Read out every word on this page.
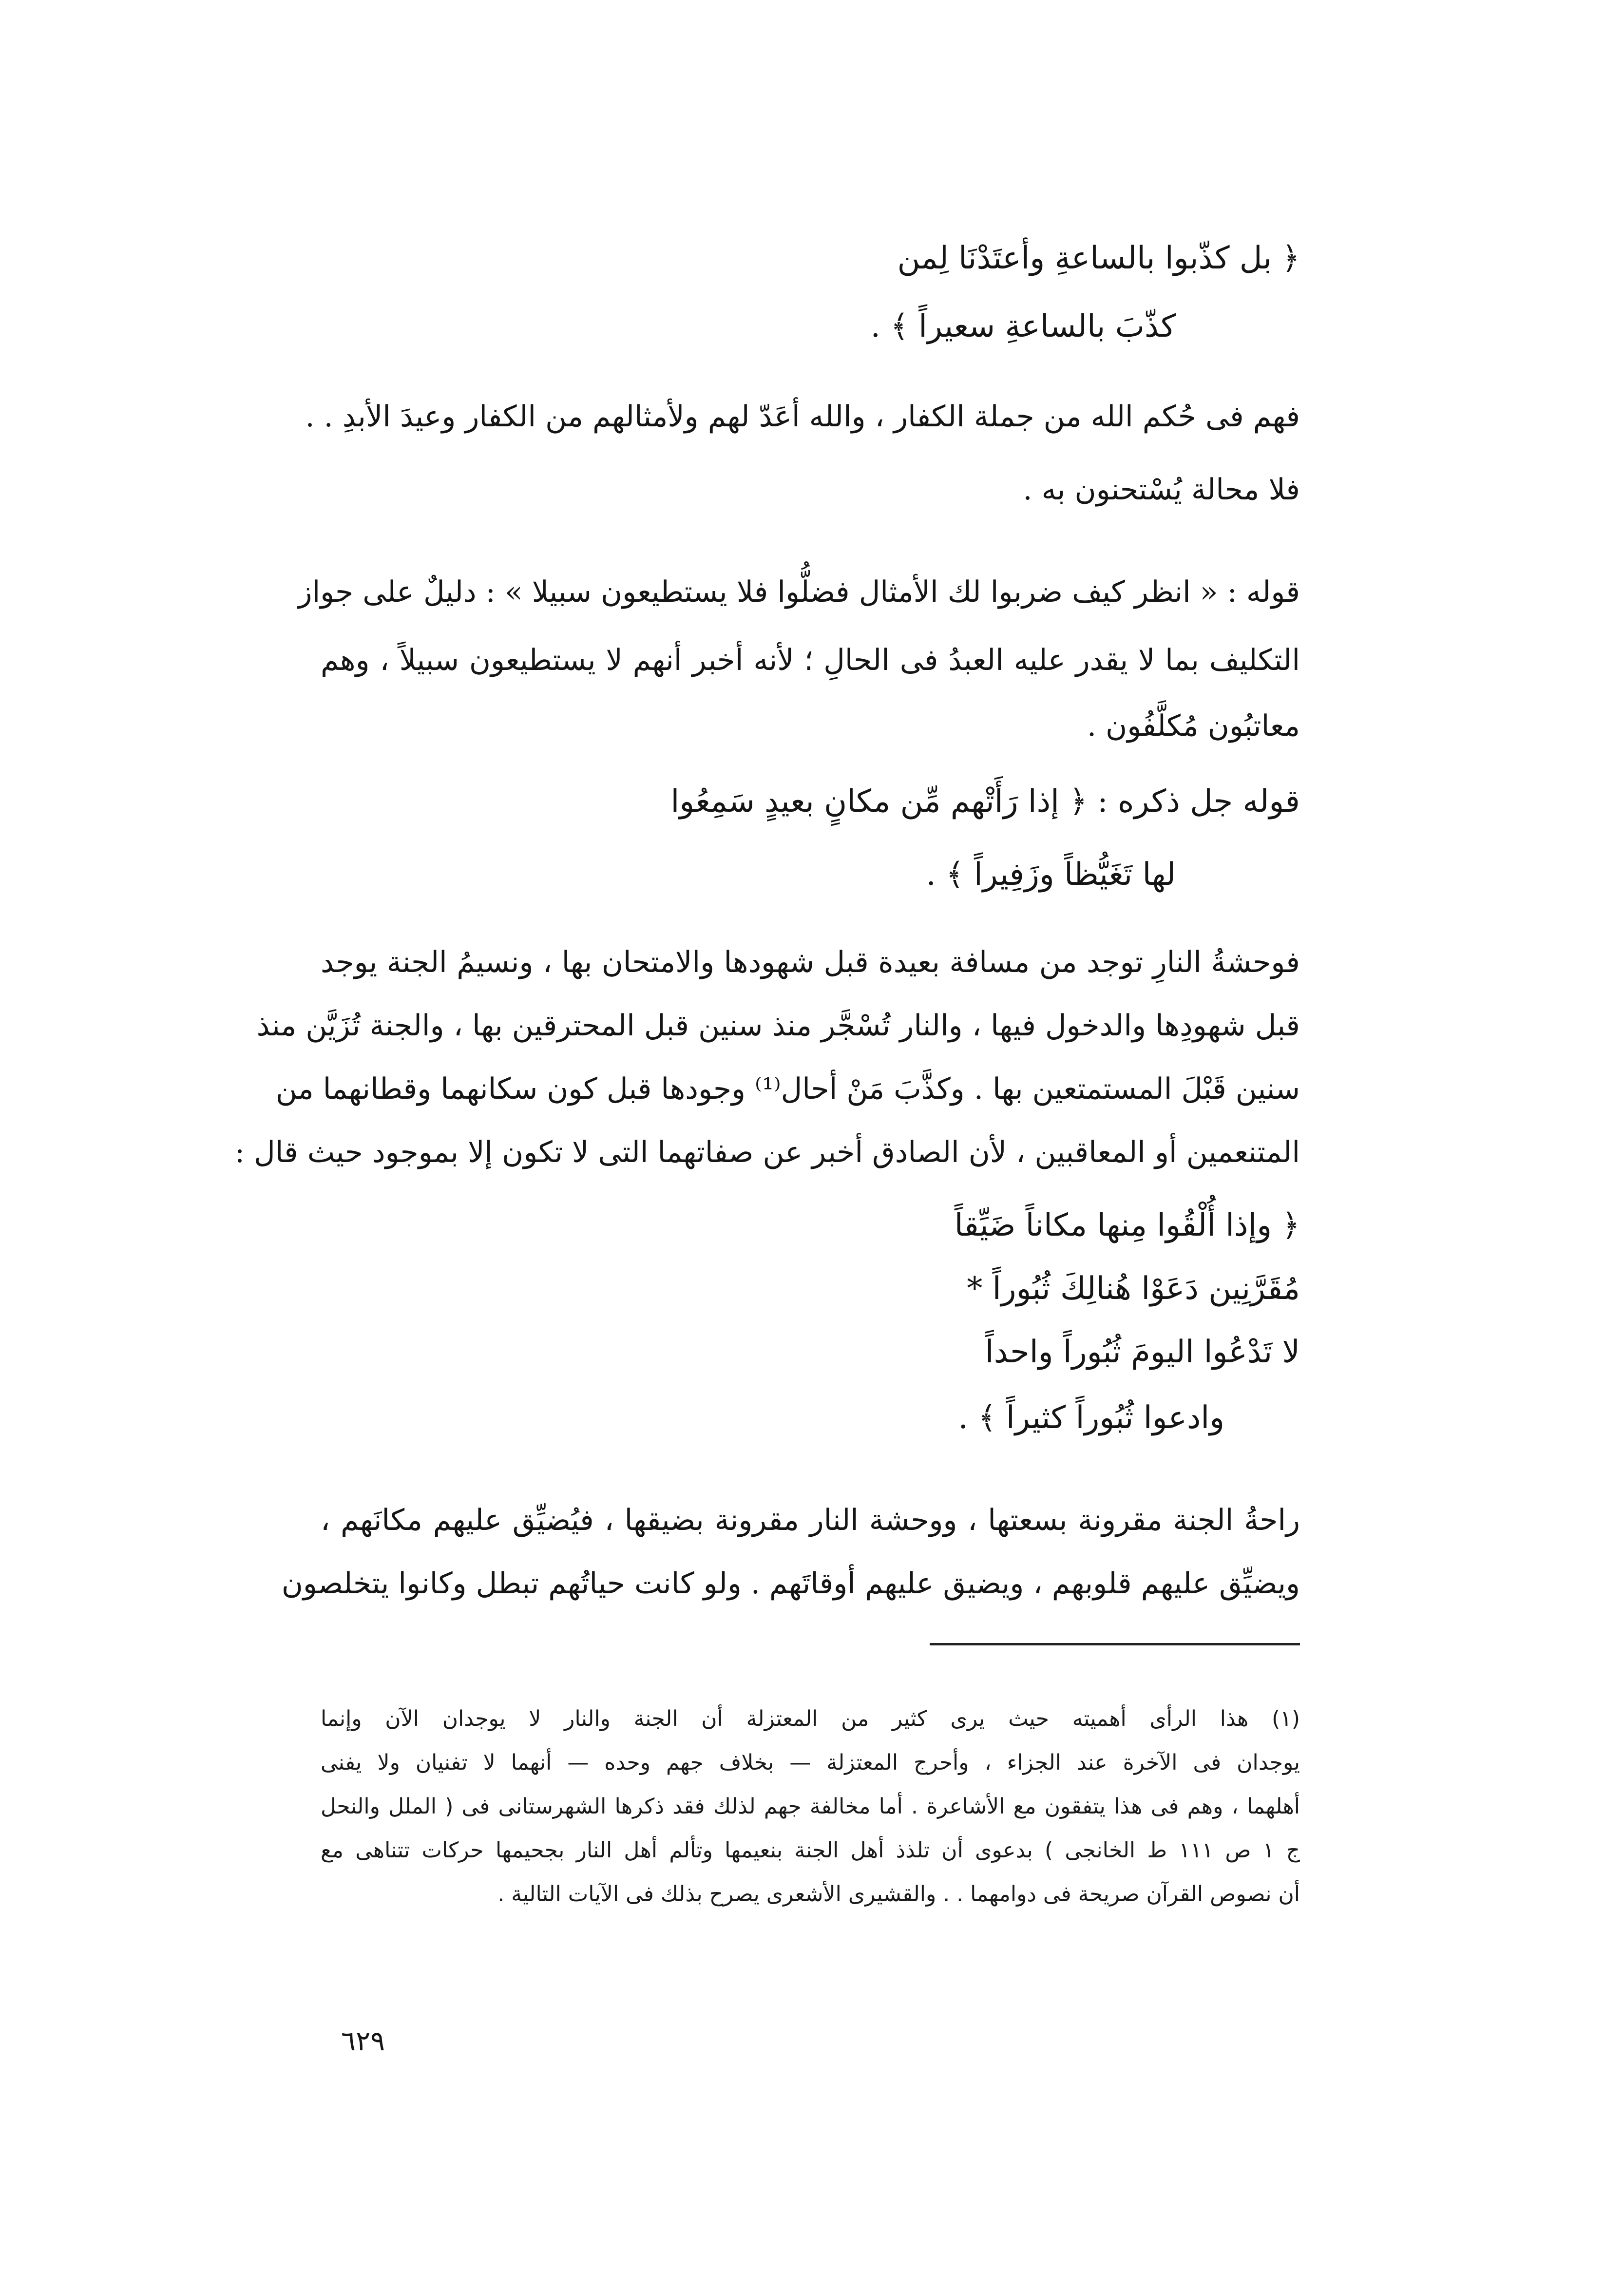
﴿ بل كذّبوا بالساعةِ وأعتَدْنَا لِمن
كذّبَ بالساعةِ سعيراً ﴾ .
فهم فى حُكم الله من جملة الكفار ، والله أعَدّ لهم ولأمثالهم من الكفار وعيدَ الأبدِ . .
فلا محالة يُسْتحنون به .
قوله : « انظر كيف ضربوا لك الأمثال فضلُّوا فلا يستطيعون سبيلا » : دليلٌ على جواز
التكليف بما لا يقدر عليه العبدُ فى الحالِ ؛ لأنه أخبر أنهم لا يستطيعون سبيلاً ، وهم
معاتبُون مُكلَّفُون .
قوله جل ذكره : ﴿ إذا رَأَتْهم مِّن مكانٍ بعيدٍ سَمِعُوا
لها تَغَيُّظاً وزَفِيراً ﴾ .
فوحشةُ النارِ توجد من مسافة بعيدة قبل شهودها والامتحان بها ، ونسيمُ الجنة يوجد
قبل شهودِها والدخول فيها ، والنار تُسْجَّر منذ سنين قبل المحترقين بها ، والجنة تُزَيَّن منذ
سنين قَبْلَ المستمتعين بها . وكذَّبَ مَنْ أحال⁽¹⁾ وجودها قبل كون سكانهما وقطانهما من
المتنعمين أو المعاقبين ، لأن الصادق أخبر عن صفاتهما التى لا تكون إلا بموجود حيث قال :
﴿ وإذا أُلْقُوا مِنها مكاناً ضَيِّقاً
مُقَرَّنِين دَعَوْا هُنالِكَ ثُبُوراً *
لا تَدْعُوا اليومَ ثُبُوراً واحداً
وادعوا ثُبُوراً كثيراً ﴾ .
راحةُ الجنة مقرونة بسعتها ، ووحشة النار مقرونة بضيقها ، فيُضيِّق عليهم مكانَهم ،
ويضيِّق عليهم قلوبهم ، ويضيق عليهم أوقاتَهم . ولو كانت حياتُهم تبطل وكانوا يتخلصون
(١) هذا الرأى أهميته حيث يرى كثير من المعتزلة أن الجنة والنار لا يوجدان الآن وإنما
يوجدان فى الآخرة عند الجزاء ، وأحرج المعتزلة — بخلاف جهم وحده — أنهما لا تفنيان ولا يفنى
أهلهما ، وهم فى هذا يتفقون مع الأشاعرة . أما مخالفة جهم لذلك فقد ذكرها الشهرستانى فى ( الملل والنحل
ج ١ ص ١١١ ط الخانجى ) بدعوى أن تلذذ أهل الجنة بنعيمها وتألم أهل النار بجحيمها حركات تتناهى مع
أن نصوص القرآن صريحة فى دوامهما . . والقشيرى الأشعرى يصرح بذلك فى الآيات التالية .
٦٢٩
